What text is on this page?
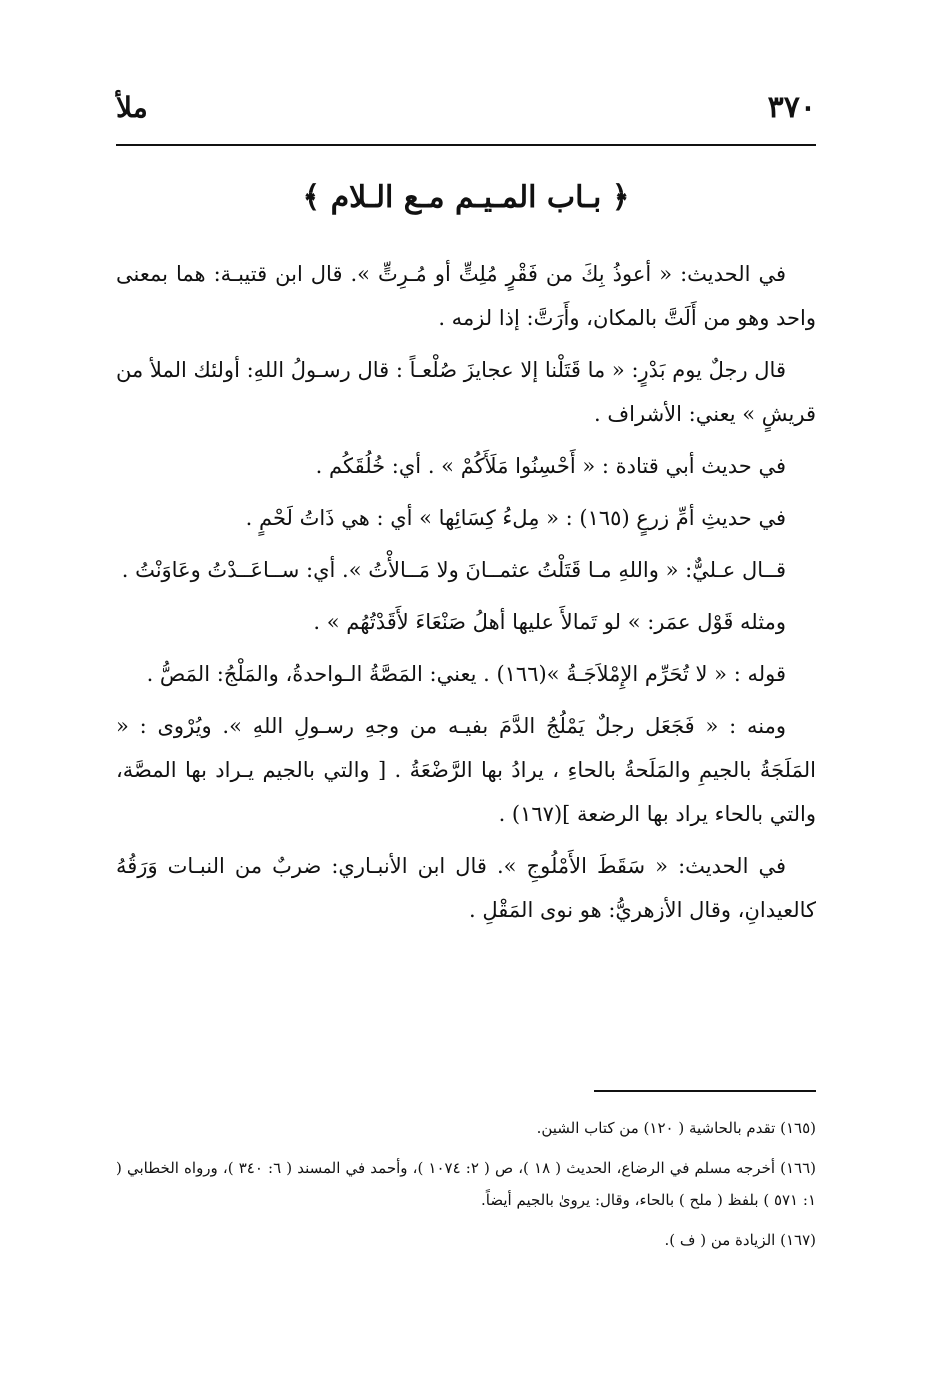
٣٧٠
ملأ
﴿ بـاب المـيـم مـع الـلام ﴾

في الحديث: « أعوذُ بِكَ من فَقْرٍ مُلِتٍّ أو مُـرِتٍّ ». قال ابن قتيبـة: هما بمعنى واحد وهو من أَلَتَّ بالمكان، وأَرَتَّ: إذا لزمه .

قال رجلٌ يوم بَدْرٍ: « ما قَتَلْنا إلا عجايزَ صُلْعـاً : قال رسـولُ اللهِ: أولئك الملأ من قريشٍ » يعني: الأشراف .

في حديث أبي قتادة : « أَحْسِنُوا مَلَأَكُمْ » . أي: خُلُقَكُم .

في حديثِ أمِّ زرعٍ (١٦٥) : « مِلءُ كِسَائِها » أي : هي ذَاتُ لَحْمٍ .

قــال عـليٌّ: « واللهِ مـا قَتَلْتُ عثمــانَ ولا مَــالأْتُ ». أي: ســاعَــدْتُ وعَاوَنْتُ .

ومثله قَوْل عمَر: » لو تَمالأَ عليها أهلُ صَنْعَاءَ لأَقَدْتُهُم » .

قوله : « لا تُحَرِّم الإِمْلاَجَـةُ »(١٦٦) . يعني: المَصَّةُ الـواحدةُ، والمَلْجُ: المَصُّ .

ومنه : « فَجَعَل رجلٌ يَمْلُجُ الدَّمَ بفيـه من وجهِ رسـولِ اللهِ ». ويُرْوى : « المَلَجَةُ بالجيمِ والمَلَحةُ بالحاءِ ، يرادُ بها الرَّضْعَةُ . [ والتي بالجيم يـراد بها المصَّة، والتي بالحاء يراد بها الرضعة ](١٦٧) .

في الحديث: « سَقَطَ الأَمْلُوجِ ». قال ابن الأنبـاري: ضربٌ من النبـات وَرَقُهُ كالعيدانِ، وقال الأزهريُّ: هو نوى المَقْلِ .

(١٦٥) تقدم بالحاشية ( ١٢٠) من كتاب الشين.

(١٦٦) أخرجه مسلم في الرضاع، الحديث ( ١٨ )، ص ( ٢: ١٠٧٤ )، وأحمد في المسند ( ٦: ٣٤٠ )، ورواه الخطابي ( ١: ٥٧١ ) بلفظ ( ملح ) بالحاء، وقال: يروىٰ بالجيم أيضاً.

(١٦٧) الزيادة من ( ف ).
